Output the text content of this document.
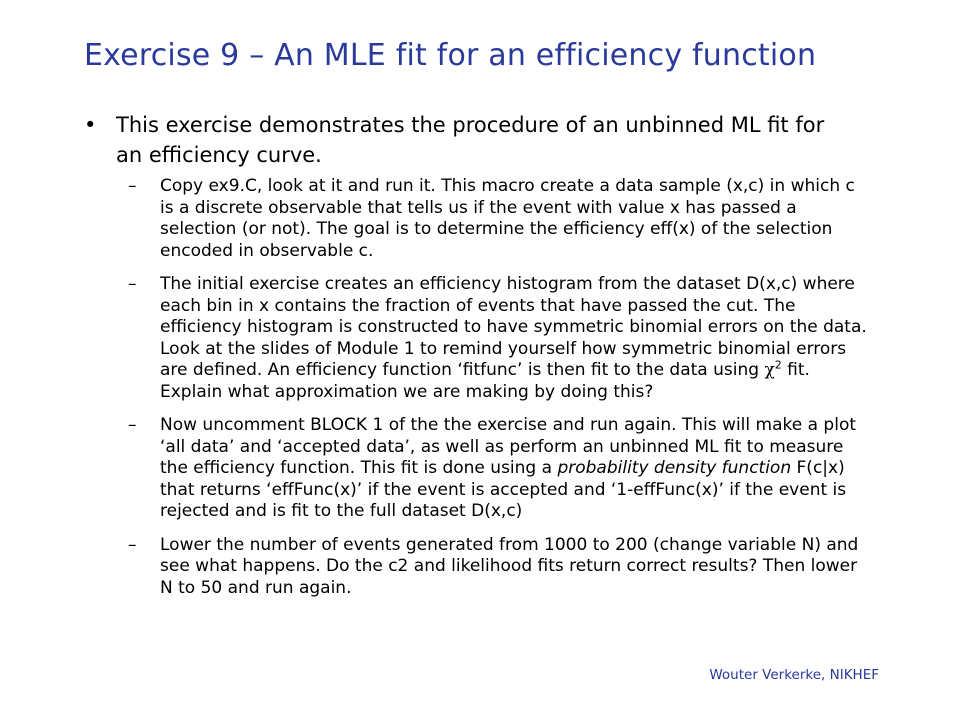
Exercise 9 – An MLE fit for an efficiency function
• This exercise demonstrates the procedure of an unbinned ML fit for an efficiency curve.
–	Copy ex9.C, look at it and run it. This macro create a data sample (x,c) in which c is a discrete observable that tells us if the event with value x has passed a selection (or not). The goal is to determine the efficiency eff(x) of the selection encoded in observable c.
–	The initial exercise creates an efficiency histogram from the dataset D(x,c) where each bin in x contains the fraction of events that have passed the cut. The efficiency histogram is constructed to have symmetric binomial errors on the data. Look at the slides of Module 1 to remind yourself how symmetric binomial errors are defined. An efficiency function ‘fitfunc’ is then fit to the data using $\chi^2$ fit. Explain what approximation we are making by doing this?
–	Now uncomment BLOCK 1 of the the exercise and run again. This will make a plot ‘all data’ and ‘accepted data’, as well as perform an unbinned ML fit to measure the efficiency function. This fit is done using a probability density function F(c|x) that returns ‘effFunc(x)’ if the event is accepted and ‘1-effFunc(x)’ if the event is rejected and is fit to the full dataset D(x,c)
–	Lower the number of events generated from 1000 to 200 (change variable N) and see what happens. Do the c2 and likelihood fits return correct results? Then lower N to 50 and run again.
Wouter Verkerke, NIKHEF
